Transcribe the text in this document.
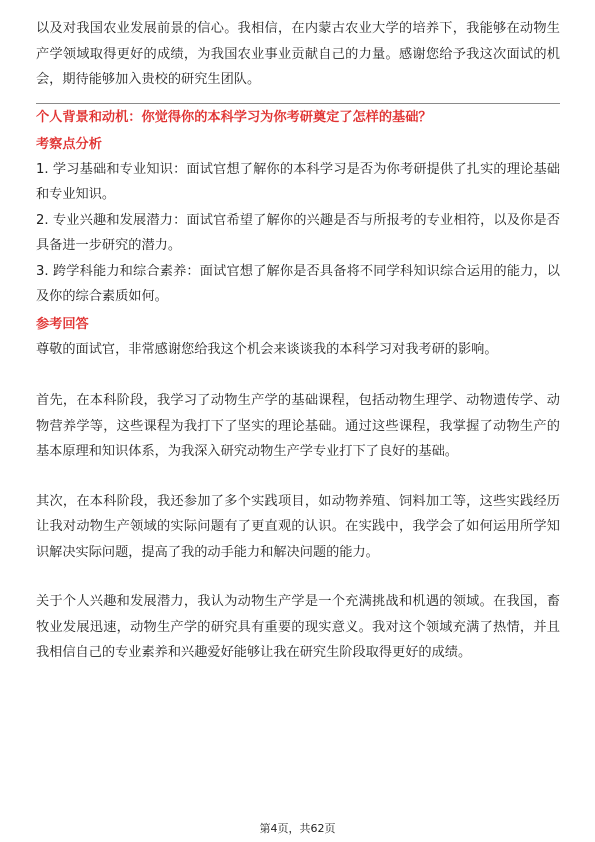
以及对我国农业发展前景的信心。我相信，在内蒙古农业大学的培养下，我能够在动物生产学领域取得更好的成绩，为我国农业事业贡献自己的力量。感谢您给予我这次面试的机会，期待能够加入贵校的研究生团队。

个人背景和动机：你觉得你的本科学习为你考研奠定了怎样的基础？
考察点分析

1. 学习基础和专业知识：面试官想了解你的本科学习是否为你考研提供了扎实的理论基础和专业知识。

2. 专业兴趣和发展潜力：面试官希望了解你的兴趣是否与所报考的专业相符，以及你是否具备进一步研究的潜力。

3. 跨学科能力和综合素养：面试官想了解你是否具备将不同学科知识综合运用的能力，以及你的综合素质如何。

参考回答

尊敬的面试官，非常感谢您给我这个机会来谈谈我的本科学习对我考研的影响。

首先，在本科阶段，我学习了动物生产学的基础课程，包括动物生理学、动物遗传学、动物营养学等，这些课程为我打下了坚实的理论基础。通过这些课程，我掌握了动物生产的基本原理和知识体系，为我深入研究动物生产学专业打下了良好的基础。

其次，在本科阶段，我还参加了多个实践项目，如动物养殖、饲料加工等，这些实践经历让我对动物生产领域的实际问题有了更直观的认识。在实践中，我学会了如何运用所学知识解决实际问题，提高了我的动手能力和解决问题的能力。

关于个人兴趣和发展潜力，我认为动物生产学是一个充满挑战和机遇的领域。在我国，畜牧业发展迅速，动物生产学的研究具有重要的现实意义。我对这个领域充满了热情，并且我相信自己的专业素养和兴趣爱好能够让我在研究生阶段取得更好的成绩。

第4页，共62页
